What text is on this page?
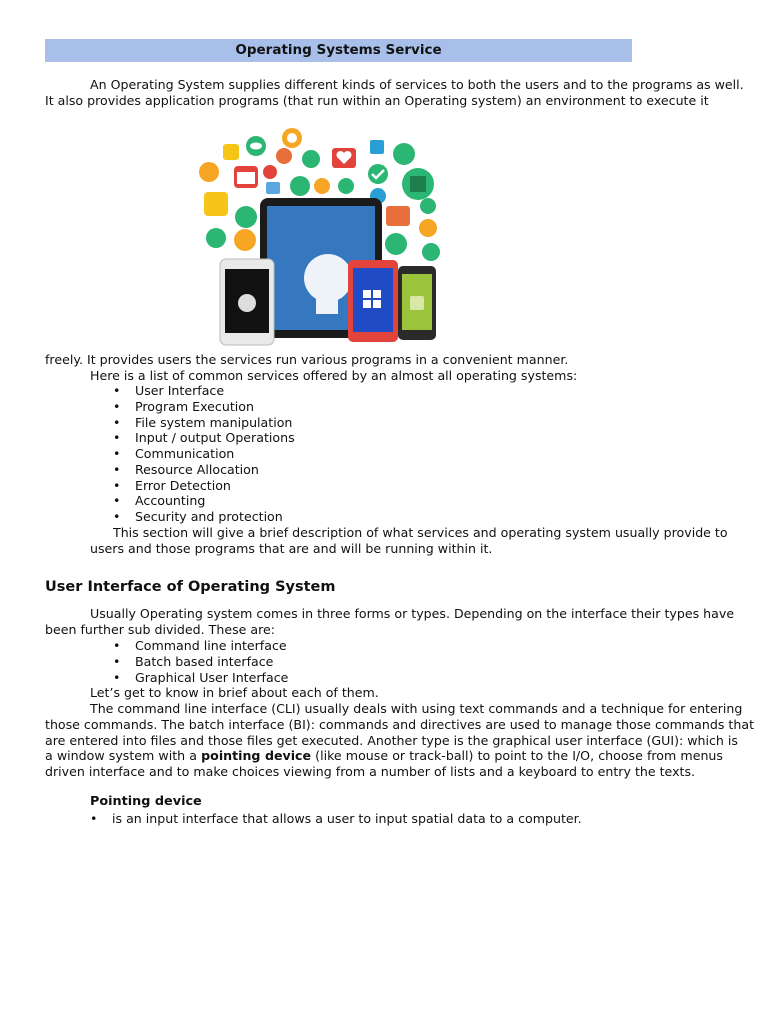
Operating Systems Service
An Operating System supplies different kinds of services to both the users and to the programs as well.
It also provides application programs (that run within an Operating system) an environment to execute it
freely. It provides users the services run various programs in a convenient manner.
Here is a list of common services offered by an almost all operating systems:
• User Interface
• Program Execution
• File system manipulation
• Input / output Operations
• Communication
• Resource Allocation
• Error Detection
• Accounting
• Security and protection
This section will give a brief description of what services and operating system usually provide to
users and those programs that are and will be running within it.
User Interface of Operating System
Usually Operating system comes in three forms or types. Depending on the interface their types have
been further sub divided. These are:
• Command line interface
• Batch based interface
• Graphical User Interface
Let’s get to know in brief about each of them.
The command line interface (CLI) usually deals with using text commands and a technique for entering
those commands. The batch interface (BI): commands and directives are used to manage those commands that
are entered into files and those files get executed. Another type is the graphical user interface (GUI): which is
a window system with a pointing device (like mouse or track-ball) to point to the I/O, choose from menus
driven interface and to make choices viewing from a number of lists and a keyboard to entry the texts.
Pointing device
• is an input interface that allows a user to input spatial data to a computer.
